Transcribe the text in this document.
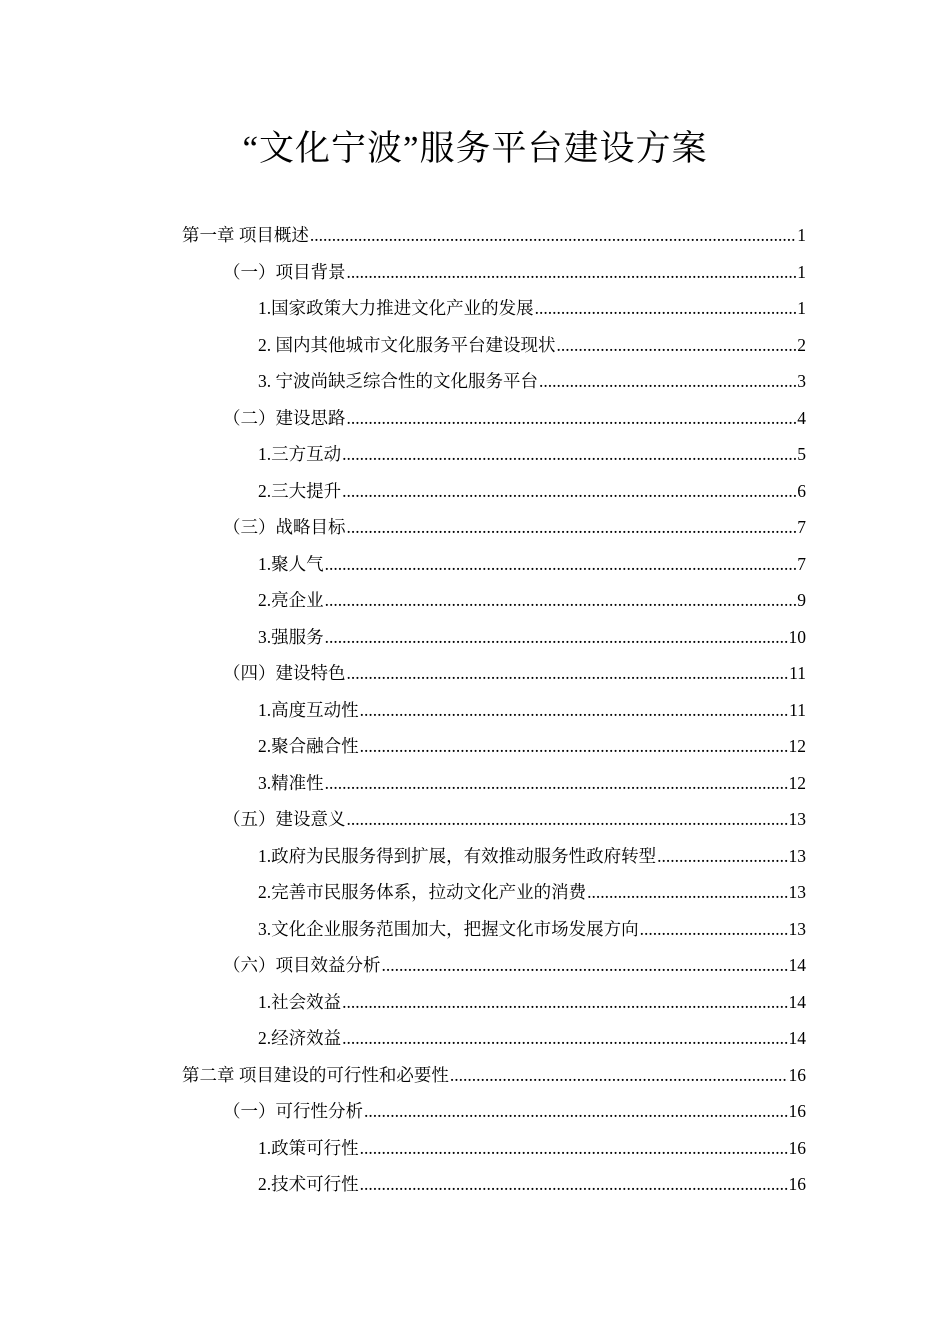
“文化宁波”服务平台建设方案
第一章 项目概述 .....	1
（一）项目背景 .....	1
1.国家政策大力推进文化产业的发展 .....	1
2. 国内其他城市文化服务平台建设现状 .....	2
3. 宁波尚缺乏综合性的文化服务平台 .....	3
（二）建设思路 .....	4
1.三方互动 .....	5
2.三大提升 .....	6
（三）战略目标 .....	7
1.聚人气 .....	7
2.亮企业 .....	9
3.强服务 .....	10
（四）建设特色 .....	11
1.高度互动性 .....	11
2.聚合融合性 .....	12
3.精准性 .....	12
（五）建设意义 .....	13
1.政府为民服务得到扩展，有效推动服务性政府转型 .....	13
2.完善市民服务体系，拉动文化产业的消费 .....	13
3.文化企业服务范围加大，把握文化市场发展方向 .....	13
（六）项目效益分析 .....	14
1.社会效益 .....	14
2.经济效益 .....	14
第二章 项目建设的可行性和必要性 .....	16
（一）可行性分析 .....	16
1.政策可行性 .....	16
2.技术可行性 .....	16
